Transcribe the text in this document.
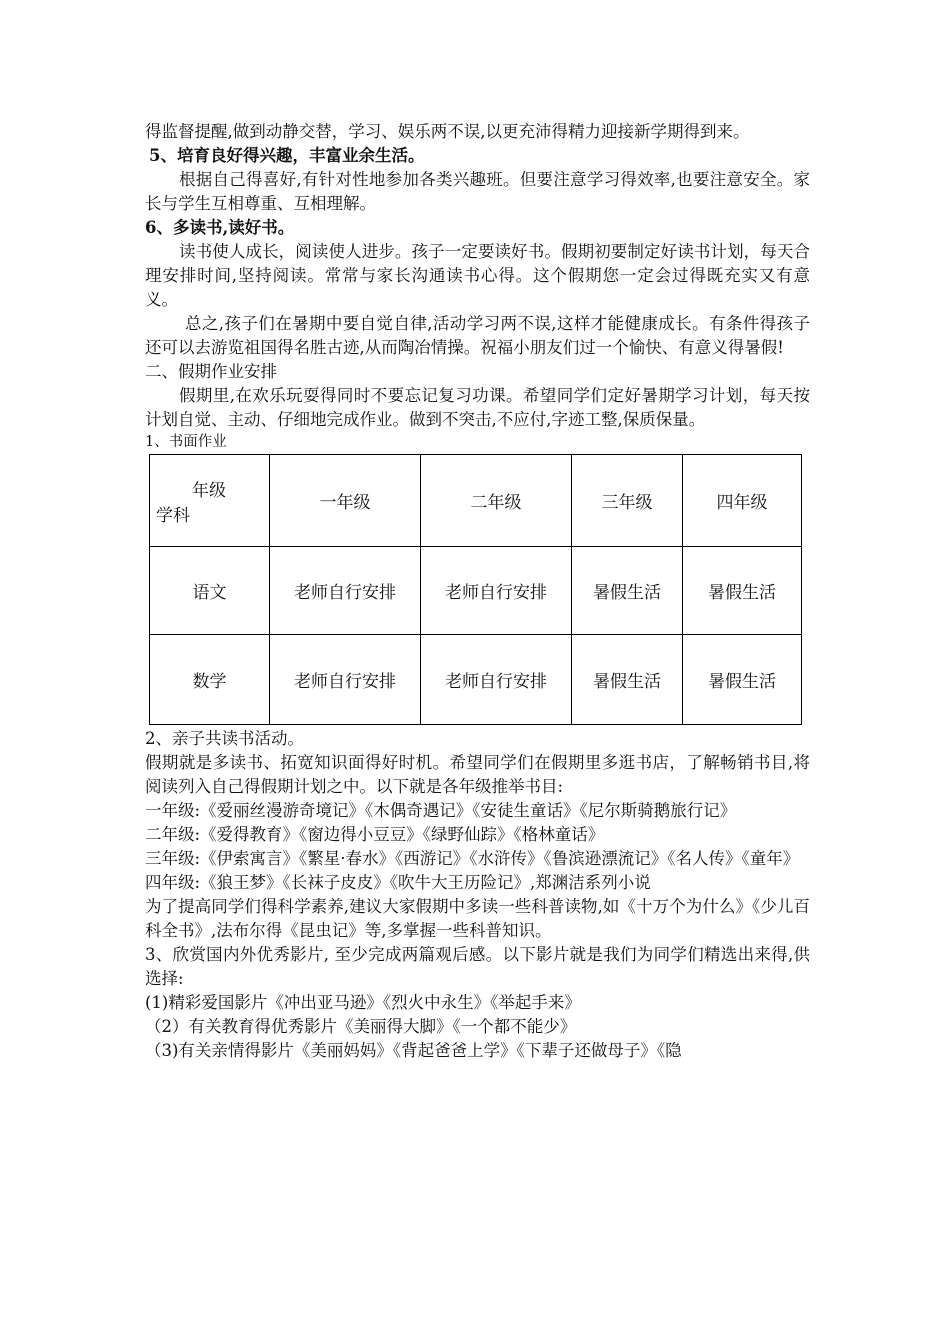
得监督提醒,做到动静交替，学习、娱乐两不误,以更充沛得精力迎接新学期得到来。

5、培育良好得兴趣，丰富业余生活。

根据自己得喜好,有针对性地参加各类兴趣班。但要注意学习得效率,也要注意安全。家长与学生互相尊重、互相理解。

6、多读书,读好书。

读书使人成长，阅读使人进步。孩子一定要读好书。假期初要制定好读书计划，每天合理安排时间,坚持阅读。常常与家长沟通读书心得。这个假期您一定会过得既充实又有意义。

总之,孩子们在暑期中要自觉自律,活动学习两不误,这样才能健康成长。有条件得孩子还可以去游览祖国得名胜古迹,从而陶冶情操。祝福小朋友们过一个愉快、有意义得暑假!

二、假期作业安排

假期里,在欢乐玩耍得同时不要忘记复习功课。希望同学们定好暑期学习计划，每天按计划自觉、主动、仔细地完成作业。做到不突击,不应付,字迹工整,保质保量。

1、书面作业

年级
学科	一年级	二年级	三年级	四年级
语文	老师自行安排	老师自行安排	暑假生活	暑假生活
数学	老师自行安排	老师自行安排	暑假生活	暑假生活

2、亲子共读书活动。

假期就是多读书、拓宽知识面得好时机。希望同学们在假期里多逛书店，了解畅销书目,将阅读列入自己得假期计划之中。以下就是各年级推举书目:

一年级:《爱丽丝漫游奇境记》《木偶奇遇记》《安徒生童话》《尼尔斯骑鹅旅行记》

二年级:《爱得教育》《窗边得小豆豆》《绿野仙踪》《格林童话》

三年级:《伊索寓言》《繁星·春水》《西游记》《水浒传》《鲁滨逊漂流记》《名人传》《童年》

四年级:《狼王梦》《长袜子皮皮》《吹牛大王历险记》,郑渊洁系列小说

为了提高同学们得科学素养,建议大家假期中多读一些科普读物,如《十万个为什么》《少儿百科全书》,法布尔得《昆虫记》等,多掌握一些科普知识。

3、欣赏国内外优秀影片, 至少完成两篇观后感。以下影片就是我们为同学们精选出来得,供选择:

(1)精彩爱国影片《冲出亚马逊》《烈火中永生》《举起手来》

（2）有关教育得优秀影片《美丽得大脚》《一个都不能少》

（3)有关亲情得影片《美丽妈妈》《背起爸爸上学》《下辈子还做母子》《隐
